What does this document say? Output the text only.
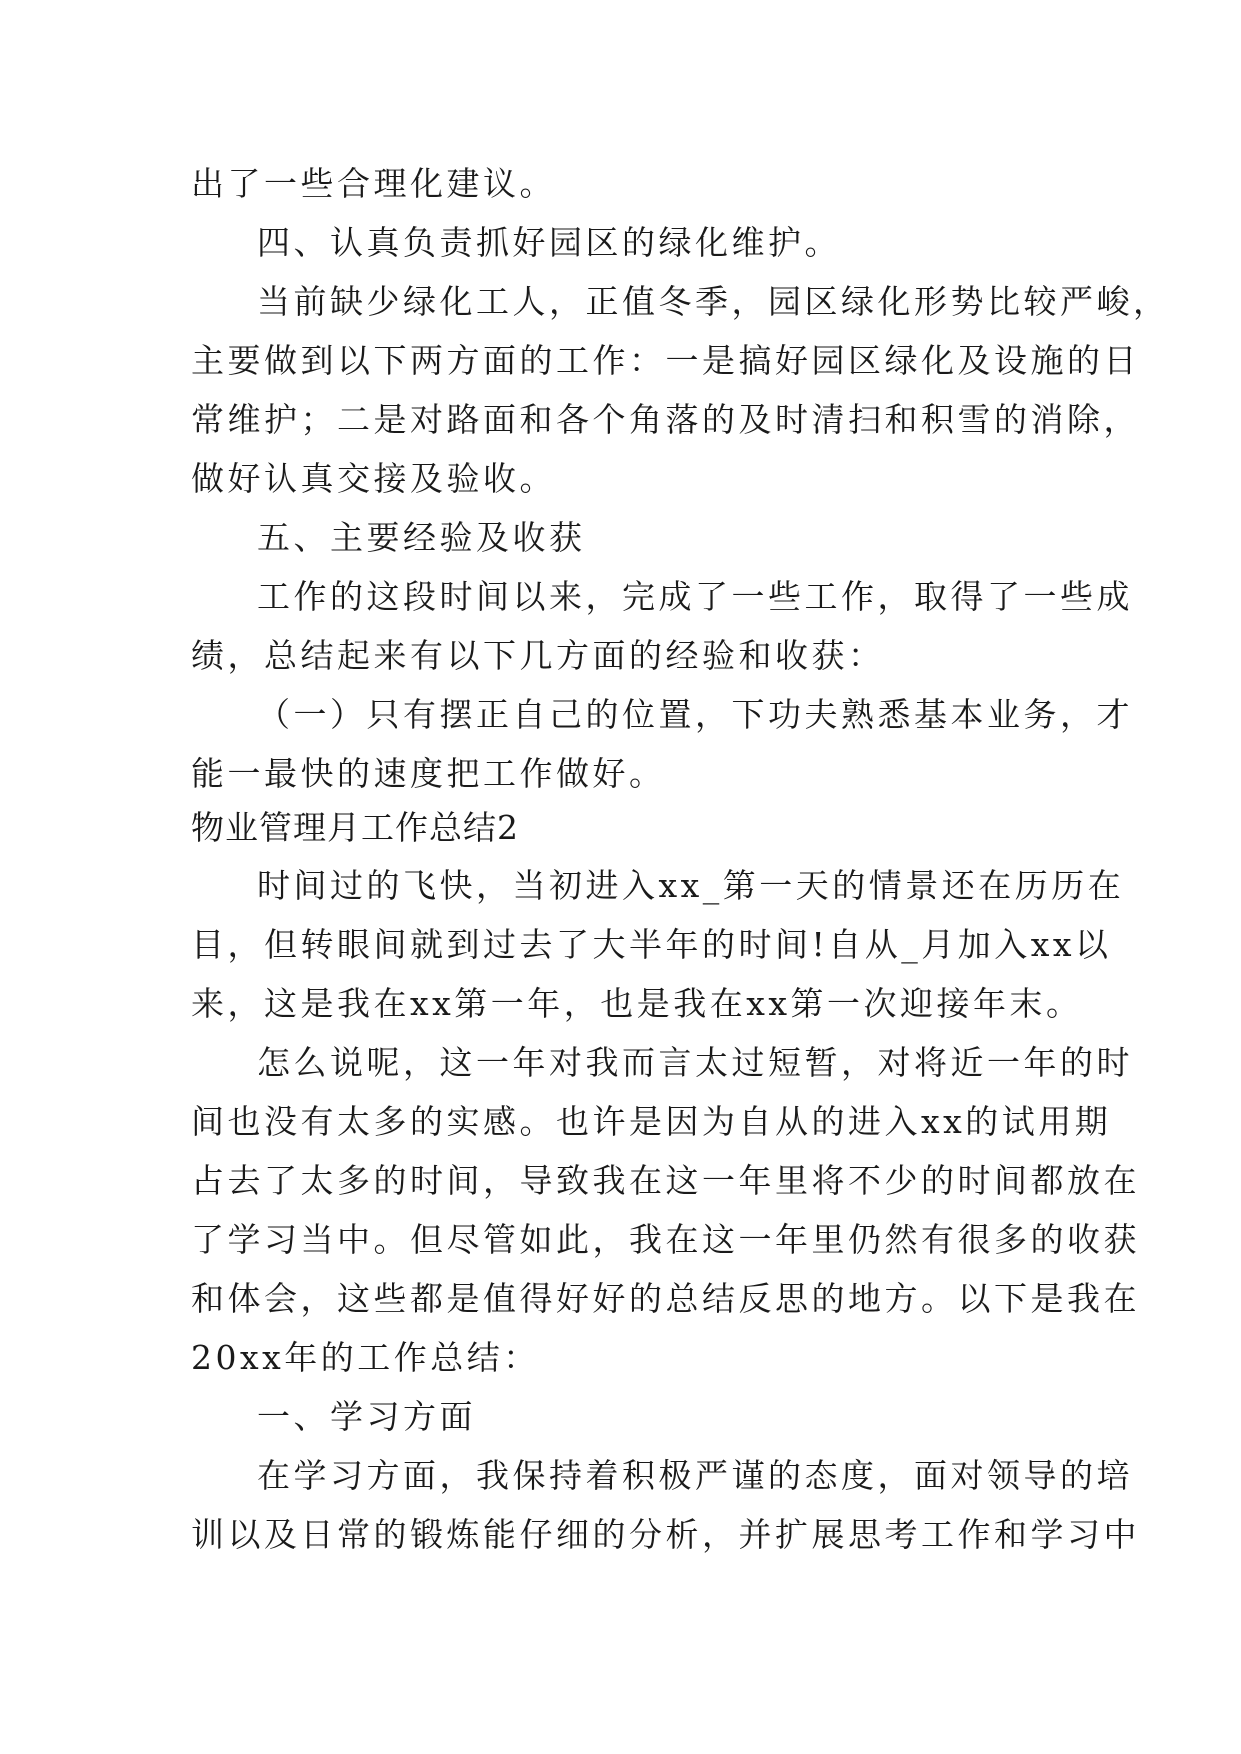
出了一些合理化建议。
四、认真负责抓好园区的绿化维护。
当前缺少绿化工人，正值冬季，园区绿化形势比较严峻，
主要做到以下两方面的工作：一是搞好园区绿化及设施的日
常维护；二是对路面和各个角落的及时清扫和积雪的消除，
做好认真交接及验收。
五、主要经验及收获
工作的这段时间以来，完成了一些工作，取得了一些成
绩，总结起来有以下几方面的经验和收获：
（一）只有摆正自己的位置，下功夫熟悉基本业务，才
能一最快的速度把工作做好。
物业管理月工作总结2
时间过的飞快，当初进入xx_第一天的情景还在历历在
目，但转眼间就到过去了大半年的时间!自从_月加入xx以
来，这是我在xx第一年，也是我在xx第一次迎接年末。
怎么说呢，这一年对我而言太过短暂，对将近一年的时
间也没有太多的实感。也许是因为自从的进入xx的试用期
占去了太多的时间，导致我在这一年里将不少的时间都放在
了学习当中。但尽管如此，我在这一年里仍然有很多的收获
和体会，这些都是值得好好的总结反思的地方。以下是我在
20xx年的工作总结：
一、学习方面
在学习方面，我保持着积极严谨的态度，面对领导的培
训以及日常的锻炼能仔细的分析，并扩展思考工作和学习中
